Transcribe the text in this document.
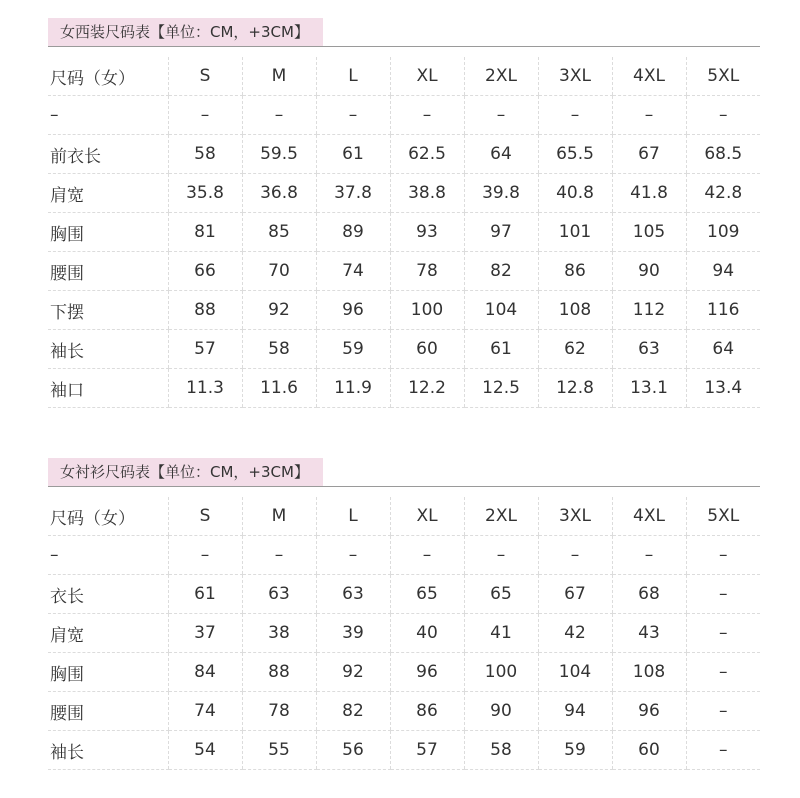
女西装尺码表【单位：CM，+3CM】
尺码（女）	S	M	L	XL	2XL	3XL	4XL	5XL
–	–	–	–	–	–	–	–	–
前衣长	58	59.5	61	62.5	64	65.5	67	68.5
肩宽	35.8	36.8	37.8	38.8	39.8	40.8	41.8	42.8
胸围	81	85	89	93	97	101	105	109
腰围	66	70	74	78	82	86	90	94
下摆	88	92	96	100	104	108	112	116
袖长	57	58	59	60	61	62	63	64
袖口	11.3	11.6	11.9	12.2	12.5	12.8	13.1	13.4
女衬衫尺码表【单位：CM，+3CM】
尺码（女）	S	M	L	XL	2XL	3XL	4XL	5XL
–	–	–	–	–	–	–	–	–
衣长	61	63	63	65	65	67	68	–
肩宽	37	38	39	40	41	42	43	–
胸围	84	88	92	96	100	104	108	–
腰围	74	78	82	86	90	94	96	–
袖长	54	55	56	57	58	59	60	–
